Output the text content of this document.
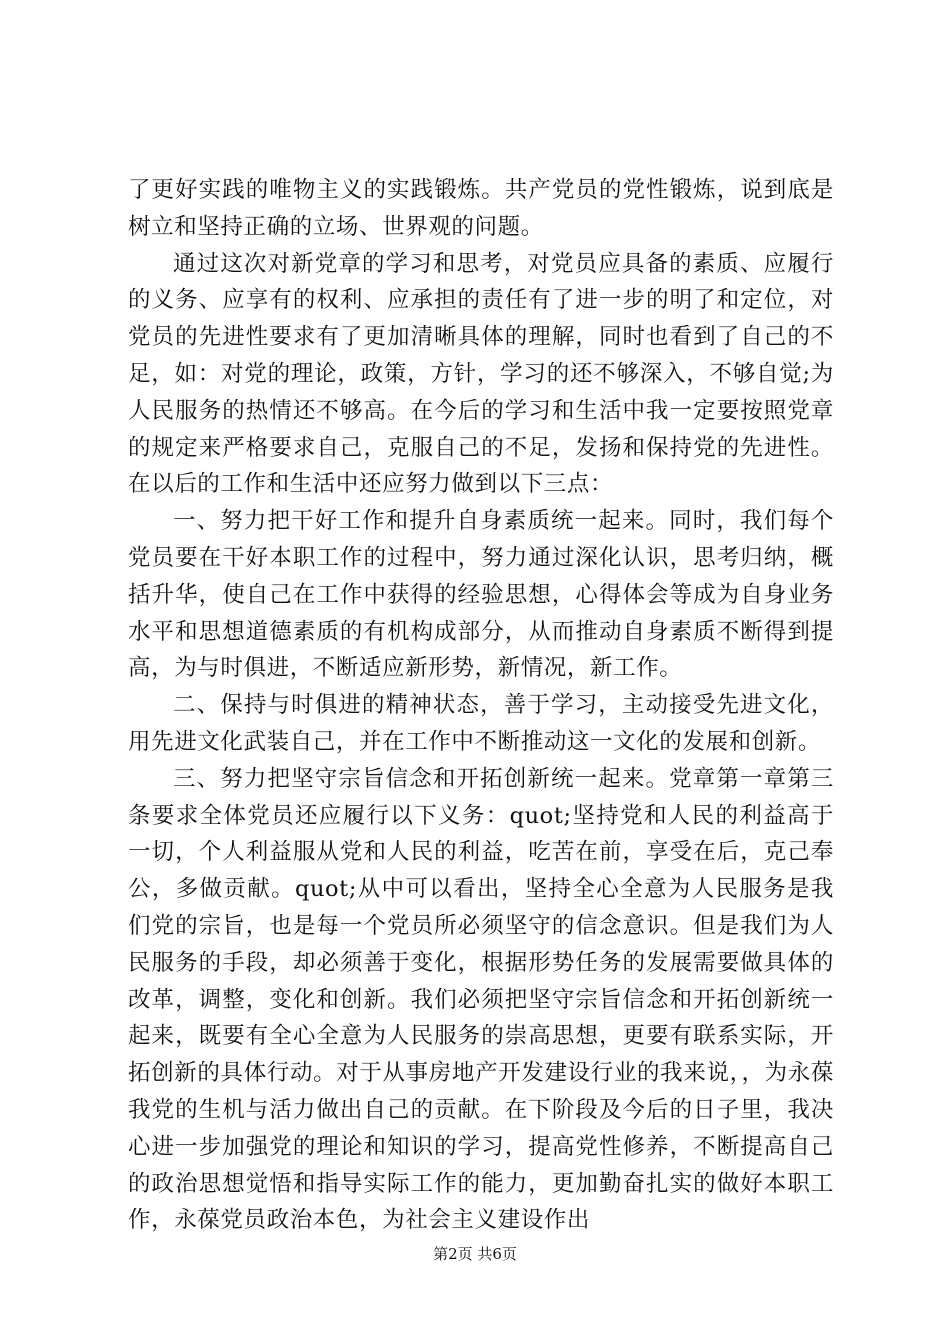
了更好实践的唯物主义的实践锻炼。共产党员的党性锻炼，说到底是树立和坚持正确的立场、世界观的问题。

通过这次对新党章的学习和思考，对党员应具备的素质、应履行的义务、应享有的权利、应承担的责任有了进一步的明了和定位，对党员的先进性要求有了更加清晰具体的理解，同时也看到了自己的不足，如：对党的理论，政策，方针，学习的还不够深入，不够自觉;为人民服务的热情还不够高。在今后的学习和生活中我一定要按照党章的规定来严格要求自己，克服自己的不足，发扬和保持党的先进性。在以后的工作和生活中还应努力做到以下三点：

一、努力把干好工作和提升自身素质统一起来。同时，我们每个党员要在干好本职工作的过程中，努力通过深化认识，思考归纳，概括升华，使自己在工作中获得的经验思想，心得体会等成为自身业务水平和思想道德素质的有机构成部分，从而推动自身素质不断得到提高，为与时俱进，不断适应新形势，新情况，新工作。

二、保持与时俱进的精神状态，善于学习，主动接受先进文化，用先进文化武装自己，并在工作中不断推动这一文化的发展和创新。

三、努力把坚守宗旨信念和开拓创新统一起来。党章第一章第三条要求全体党员还应履行以下义务：quot;坚持党和人民的利益高于一切，个人利益服从党和人民的利益，吃苦在前，享受在后，克己奉公，多做贡献。quot;从中可以看出，坚持全心全意为人民服务是我们党的宗旨，也是每一个党员所必须坚守的信念意识。但是我们为人民服务的手段，却必须善于变化，根据形势任务的发展需要做具体的改革，调整，变化和创新。我们必须把坚守宗旨信念和开拓创新统一起来，既要有全心全意为人民服务的崇高思想，更要有联系实际，开拓创新的具体行动。对于从事房地产开发建设行业的我来说，，为永葆我党的生机与活力做出自己的贡献。在下阶段及今后的日子里，我决心进一步加强党的理论和知识的学习，提高党性修养，不断提高自己的政治思想觉悟和指导实际工作的能力，更加勤奋扎实的做好本职工作，永葆党员政治本色，为社会主义建设作出

第2页 共6页
